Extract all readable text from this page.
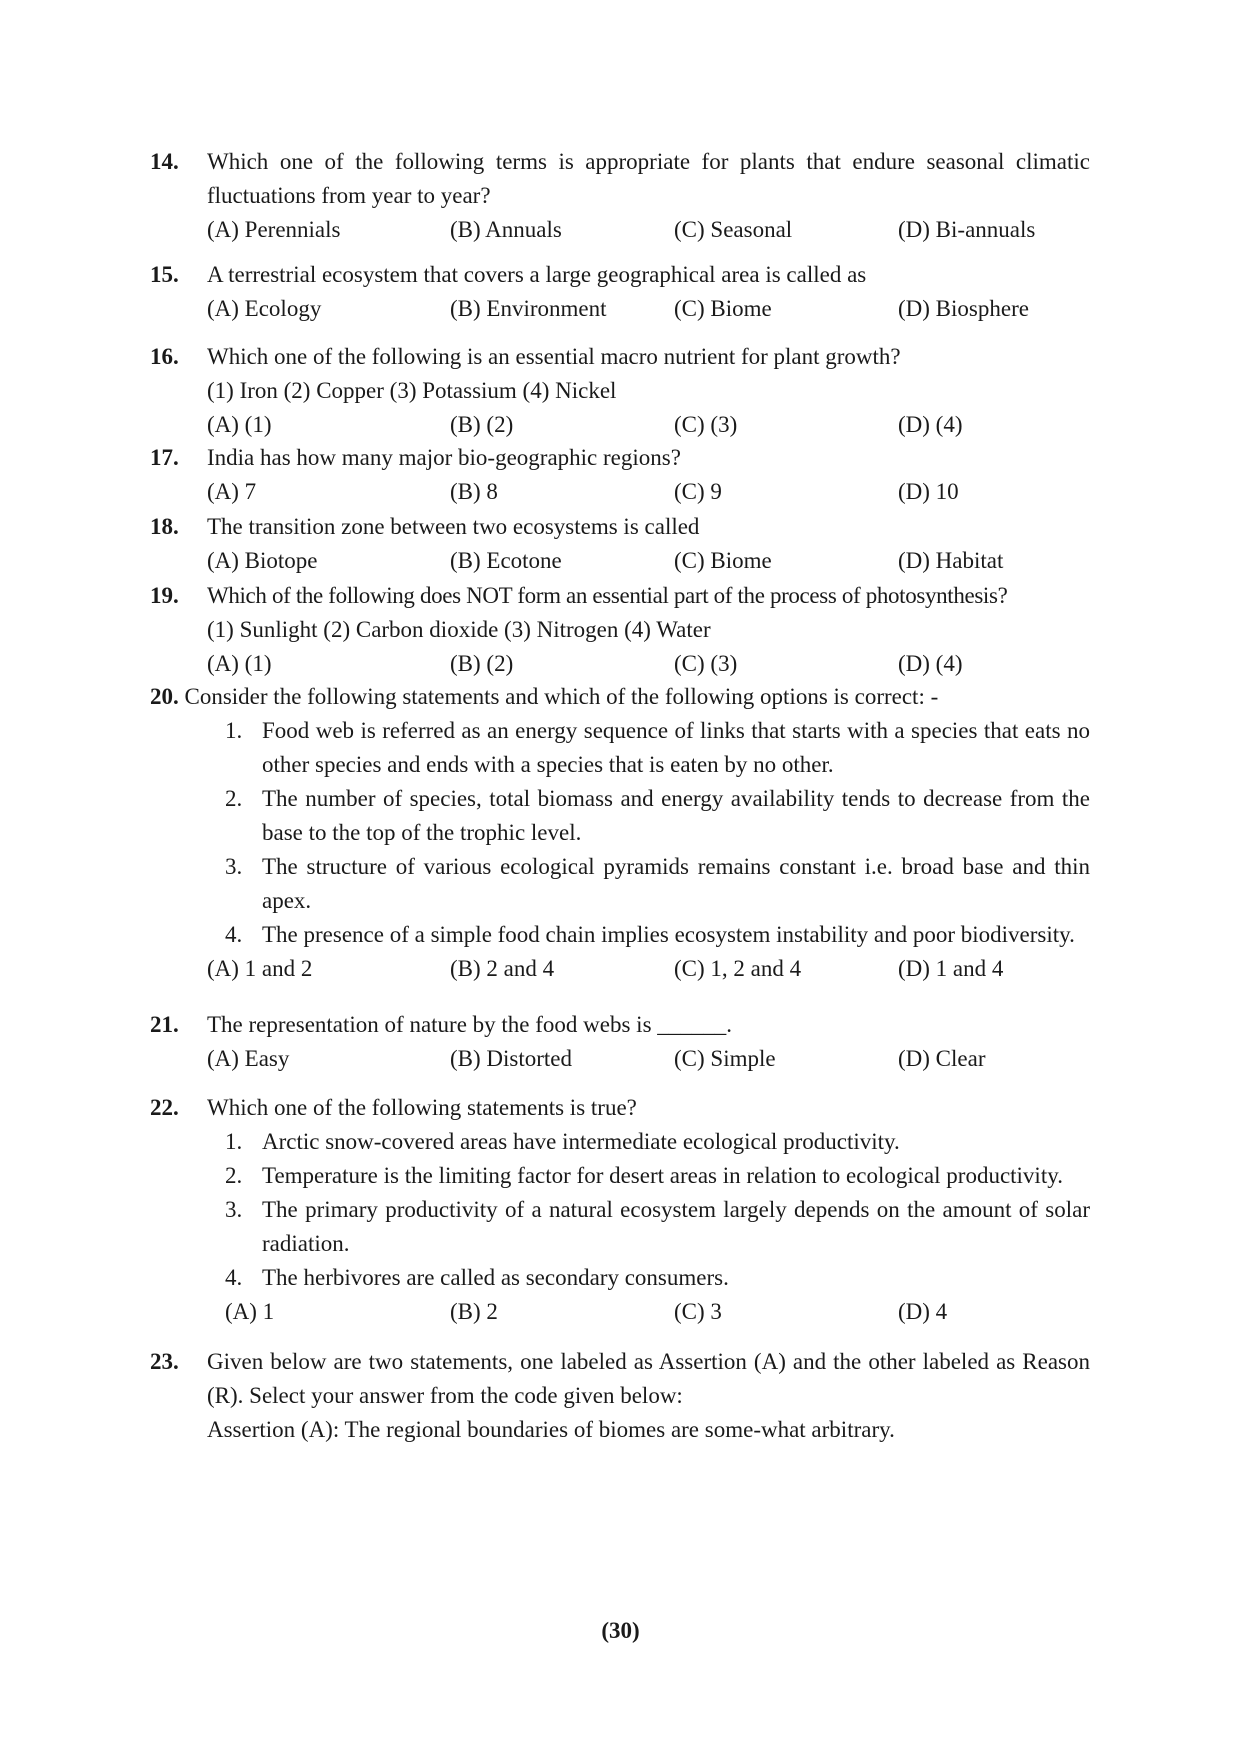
14.	Which one of the following terms is appropriate for plants that endure seasonal climatic fluctuations from year to year?
(A) Perennials	(B) Annuals	(C) Seasonal	(D) Bi-annuals
15.	A terrestrial ecosystem that covers a large geographical area is called as
(A) Ecology	(B) Environment	(C) Biome	(D) Biosphere
16.	Which one of the following is an essential macro nutrient for plant growth?
(1) Iron (2) Copper (3) Potassium (4) Nickel
(A) (1)	(B) (2)	(C) (3)	(D) (4)
17.	India has how many major bio-geographic regions?
(A) 7	(B) 8	(C) 9	(D) 10
18.	The transition zone between two ecosystems is called
(A) Biotope	(B) Ecotone	(C) Biome	(D) Habitat
19.	Which of the following does NOT form an essential part of the process of photosynthesis?
(1) Sunlight (2) Carbon dioxide (3) Nitrogen (4) Water
(A) (1)	(B) (2)	(C) (3)	(D) (4)
20. Consider the following statements and which of the following options is correct: -
1. Food web is referred as an energy sequence of links that starts with a species that eats no other species and ends with a species that is eaten by no other.
2. The number of species, total biomass and energy availability tends to decrease from the base to the top of the trophic level.
3. The structure of various ecological pyramids remains constant i.e. broad base and thin apex.
4. The presence of a simple food chain implies ecosystem instability and poor biodiversity.
(A) 1 and 2	(B) 2 and 4	(C) 1, 2 and 4	(D) 1 and 4
21.	The representation of nature by the food webs is ______.
(A) Easy	(B) Distorted	(C) Simple	(D) Clear
22.	Which one of the following statements is true?
1. Arctic snow-covered areas have intermediate ecological productivity.
2. Temperature is the limiting factor for desert areas in relation to ecological productivity.
3. The primary productivity of a natural ecosystem largely depends on the amount of solar radiation.
4. The herbivores are called as secondary consumers.
(A) 1	(B) 2	(C) 3	(D) 4
23.	Given below are two statements, one labeled as Assertion (A) and the other labeled as Reason (R). Select your answer from the code given below:
Assertion (A): The regional boundaries of biomes are some-what arbitrary.
(30)
